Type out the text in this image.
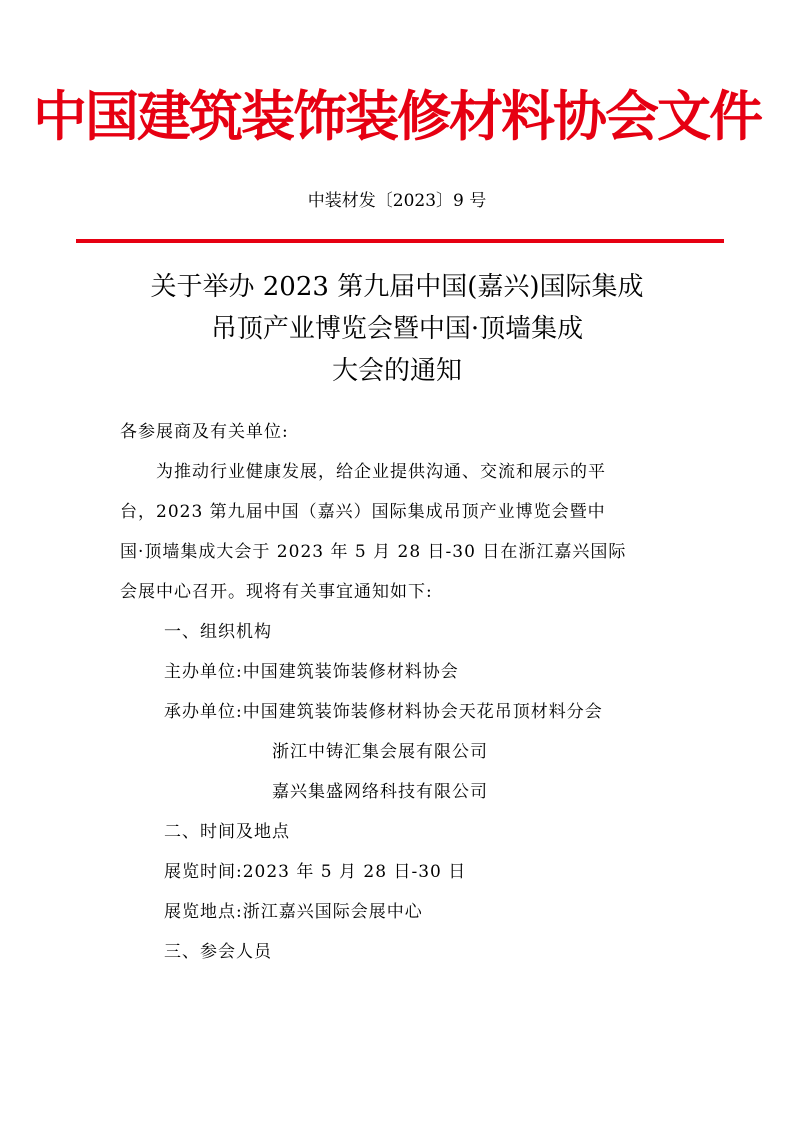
中国建筑装饰装修材料协会文件
中装材发〔2023〕9 号
关于举办 2023 第九届中国(嘉兴)国际集成
吊顶产业博览会暨中国·顶墙集成
大会的通知

各参展商及有关单位:

为推动行业健康发展，给企业提供沟通、交流和展示的平

台，2023 第九届中国（嘉兴）国际集成吊顶产业博览会暨中

国·顶墙集成大会于 2023 年 5 月 28 日-30 日在浙江嘉兴国际

会展中心召开。现将有关事宜通知如下:

一、组织机构

主办单位:中国建筑装饰装修材料协会

承办单位:中国建筑装饰装修材料协会天花吊顶材料分会

浙江中铸汇集会展有限公司

嘉兴集盛网络科技有限公司

二、时间及地点

展览时间:2023 年 5 月 28 日-30 日

展览地点:浙江嘉兴国际会展中心

三、参会人员
